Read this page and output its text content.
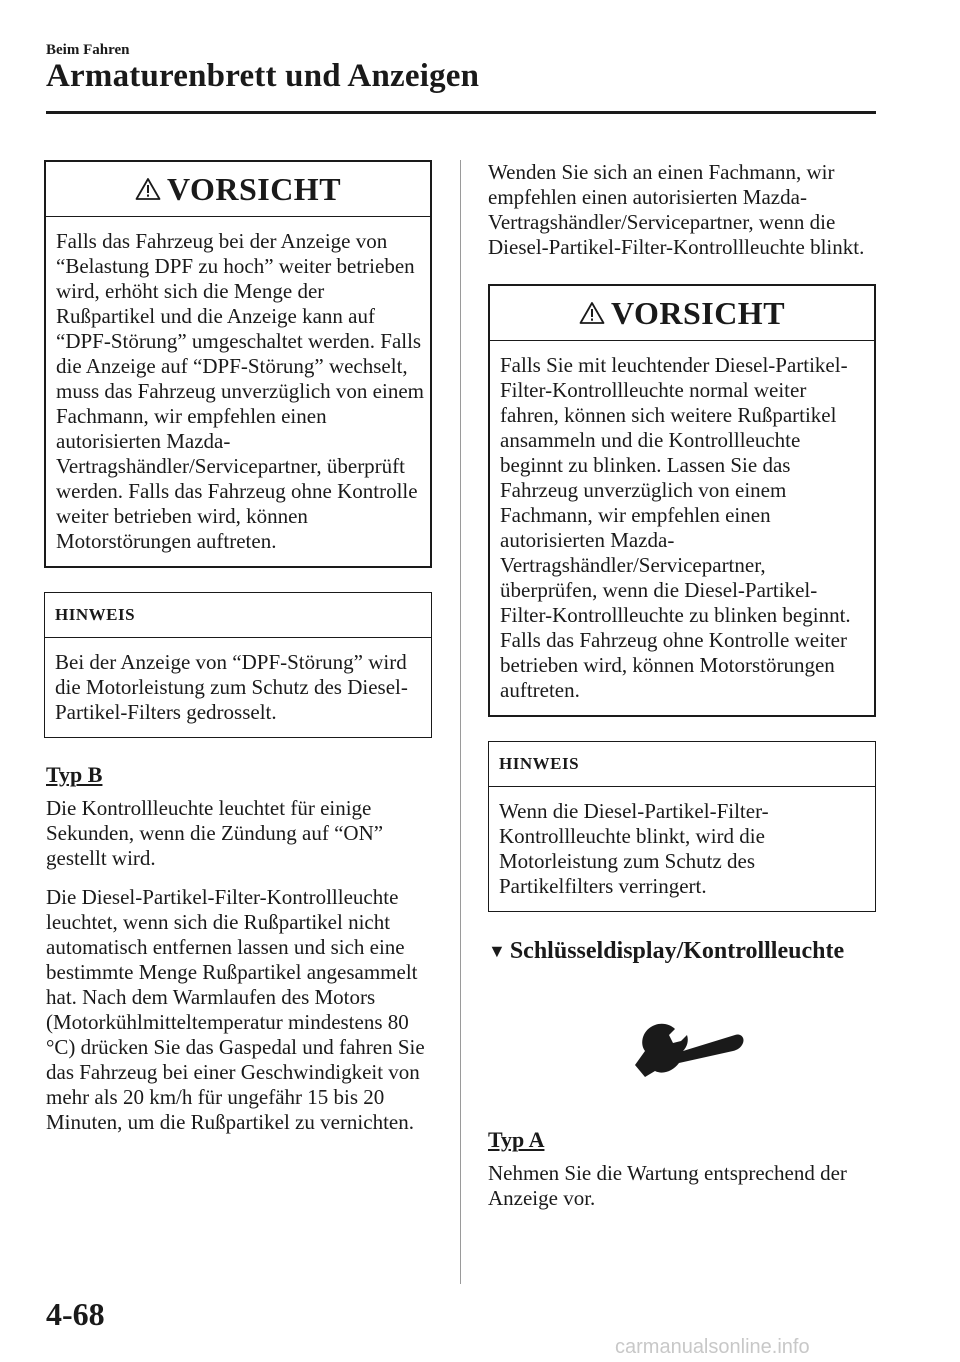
Beim Fahren
Armaturenbrett und Anzeigen
VORSICHT

Falls das Fahrzeug bei der Anzeige von “Belastung DPF zu hoch” weiter betrieben wird, erhöht sich die Menge der Rußpartikel und die Anzeige kann auf “DPF-Störung” umgeschaltet werden. Falls die Anzeige auf “DPF-Störung” wechselt, muss das Fahrzeug unverzüglich von einem Fachmann, wir empfehlen einen autorisierten Mazda-Vertragshändler/Servicepartner, überprüft werden. Falls das Fahrzeug ohne Kontrolle weiter betrieben wird, können Motorstörungen auftreten.

HINWEIS

Bei der Anzeige von “DPF-Störung” wird die Motorleistung zum Schutz des Diesel-Partikel-Filters gedrosselt.

Typ B

Die Kontrollleuchte leuchtet für einige Sekunden, wenn die Zündung auf “ON” gestellt wird.

Die Diesel-Partikel-Filter-Kontrollleuchte leuchtet, wenn sich die Rußpartikel nicht automatisch entfernen lassen und sich eine bestimmte Menge Rußpartikel angesammelt hat. Nach dem Warmlaufen des Motors (Motorkühlmitteltemperatur mindestens 80 °C) drücken Sie das Gaspedal und fahren Sie das Fahrzeug bei einer Geschwindigkeit von mehr als 20 km/h für ungefähr 15 bis 20 Minuten, um die Rußpartikel zu vernichten.

Wenden Sie sich an einen Fachmann, wir empfehlen einen autorisierten Mazda-Vertragshändler/Servicepartner, wenn die Diesel-Partikel-Filter-Kontrollleuchte blinkt.

VORSICHT

Falls Sie mit leuchtender Diesel-Partikel-Filter-Kontrollleuchte normal weiter fahren, können sich weitere Rußpartikel ansammeln und die Kontrollleuchte beginnt zu blinken. Lassen Sie das Fahrzeug unverzüglich von einem Fachmann, wir empfehlen einen autorisierten Mazda-Vertragshändler/Servicepartner, überprüfen, wenn die Diesel-Partikel-Filter-Kontrollleuchte zu blinken beginnt. Falls das Fahrzeug ohne Kontrolle weiter betrieben wird, können Motorstörungen auftreten.

HINWEIS

Wenn die Diesel-Partikel-Filter-Kontrollleuchte blinkt, wird die Motorleistung zum Schutz des Partikelfilters verringert.

▼ Schlüsseldisplay/Kontrollleuchte
Typ A

Nehmen Sie die Wartung entsprechend der Anzeige vor.

4-68
carmanualsonline.info
